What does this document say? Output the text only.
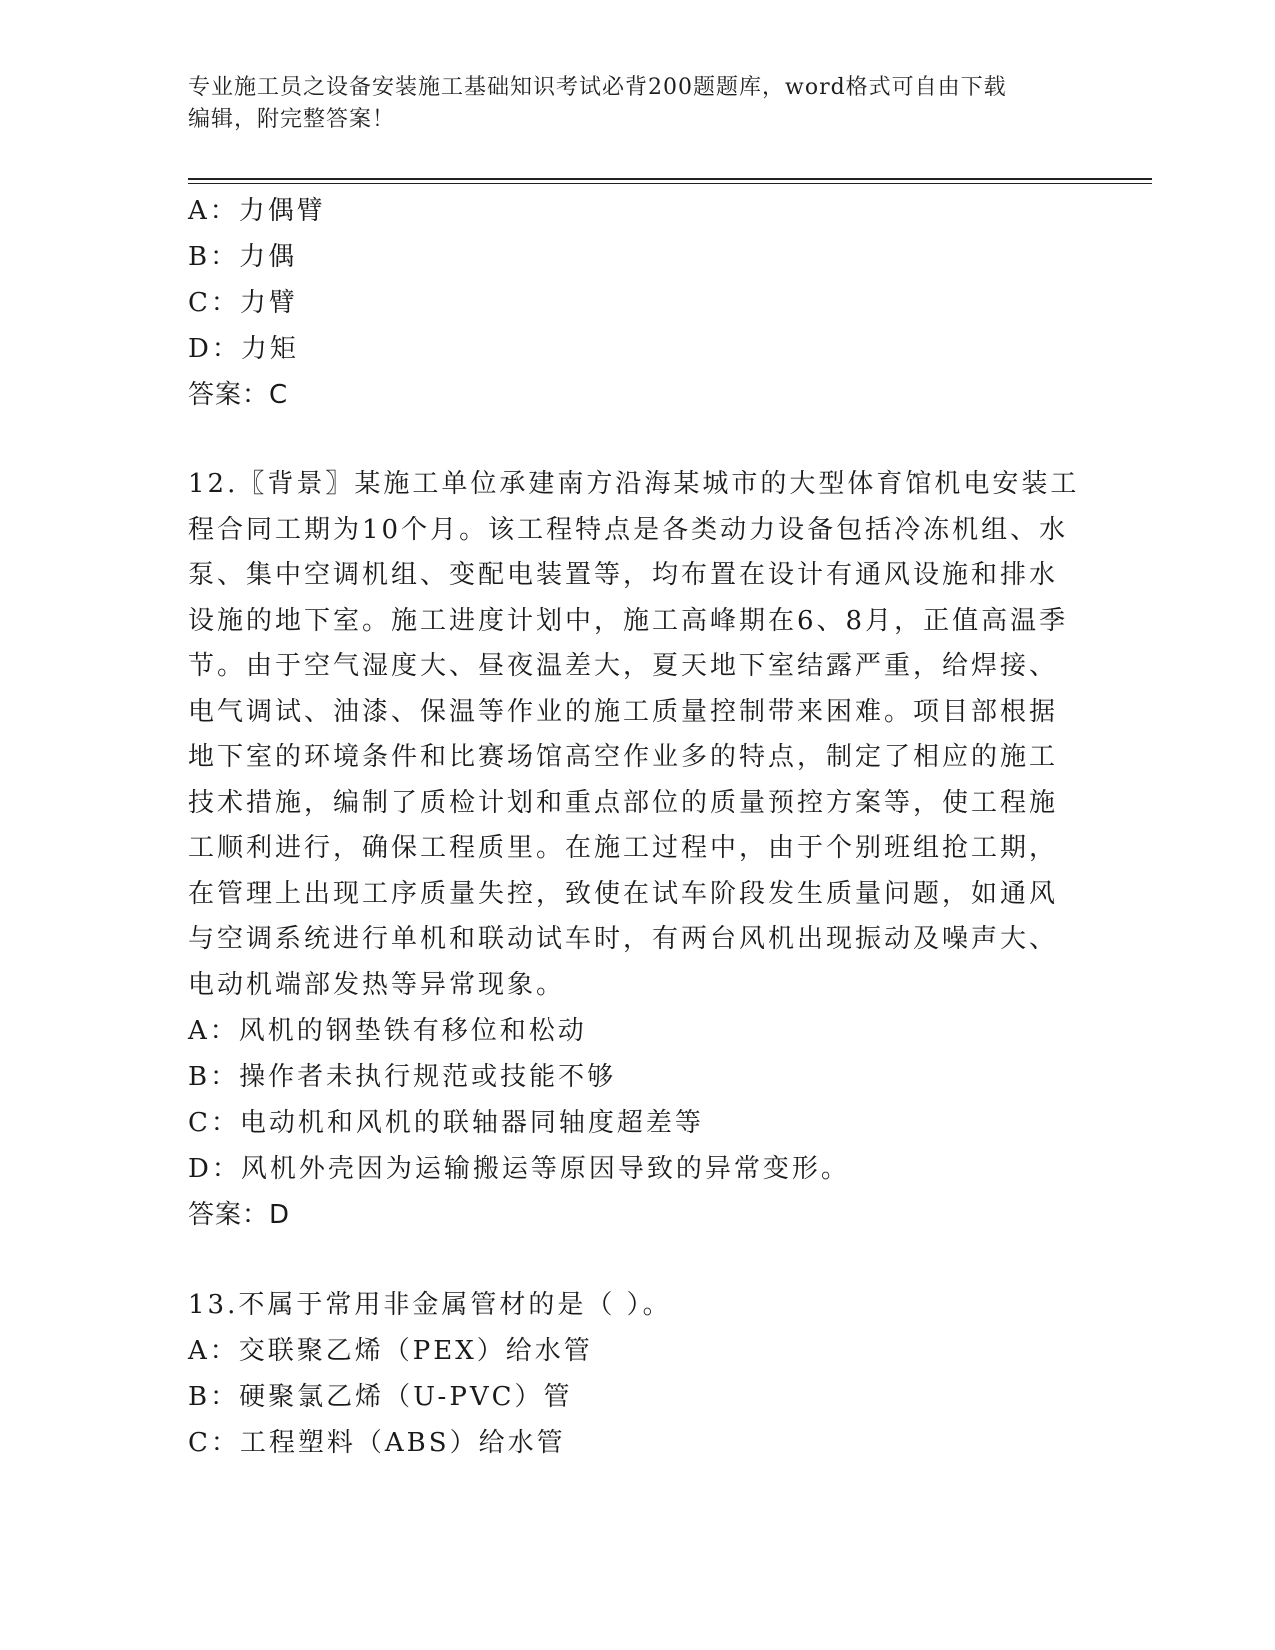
专业施工员之设备安装施工基础知识考试必背200题题库，word格式可自由下载
编辑，附完整答案！
A：力偶臂
B：力偶
C：力臂
D：力矩
答案：C
12.〖背景〗某施工单位承建南方沿海某城市的大型体育馆机电安装工
程合同工期为10个月。该工程特点是各类动力设备包括冷冻机组、水
泵、集中空调机组、变配电装置等，均布置在设计有通风设施和排水
设施的地下室。施工进度计划中，施工高峰期在6、8月，正值高温季
节。由于空气湿度大、昼夜温差大，夏天地下室结露严重，给焊接、
电气调试、油漆、保温等作业的施工质量控制带来困难。项目部根据
地下室的环境条件和比赛场馆高空作业多的特点，制定了相应的施工
技术措施，编制了质检计划和重点部位的质量预控方案等，使工程施
工顺利进行，确保工程质里。在施工过程中，由于个别班组抢工期，
在管理上出现工序质量失控，致使在试车阶段发生质量问题，如通风
与空调系统进行单机和联动试车时，有两台风机出现振动及噪声大、
电动机端部发热等异常现象。
A：风机的钢垫铁有移位和松动
B：操作者未执行规范或技能不够
C：电动机和风机的联轴器同轴度超差等
D：风机外壳因为运输搬运等原因导致的异常变形。
答案：D
13.不属于常用非金属管材的是（ ）。
A：交联聚乙烯（PEX）给水管
B：硬聚氯乙烯（U-PVC）管
C：工程塑料（ABS）给水管
